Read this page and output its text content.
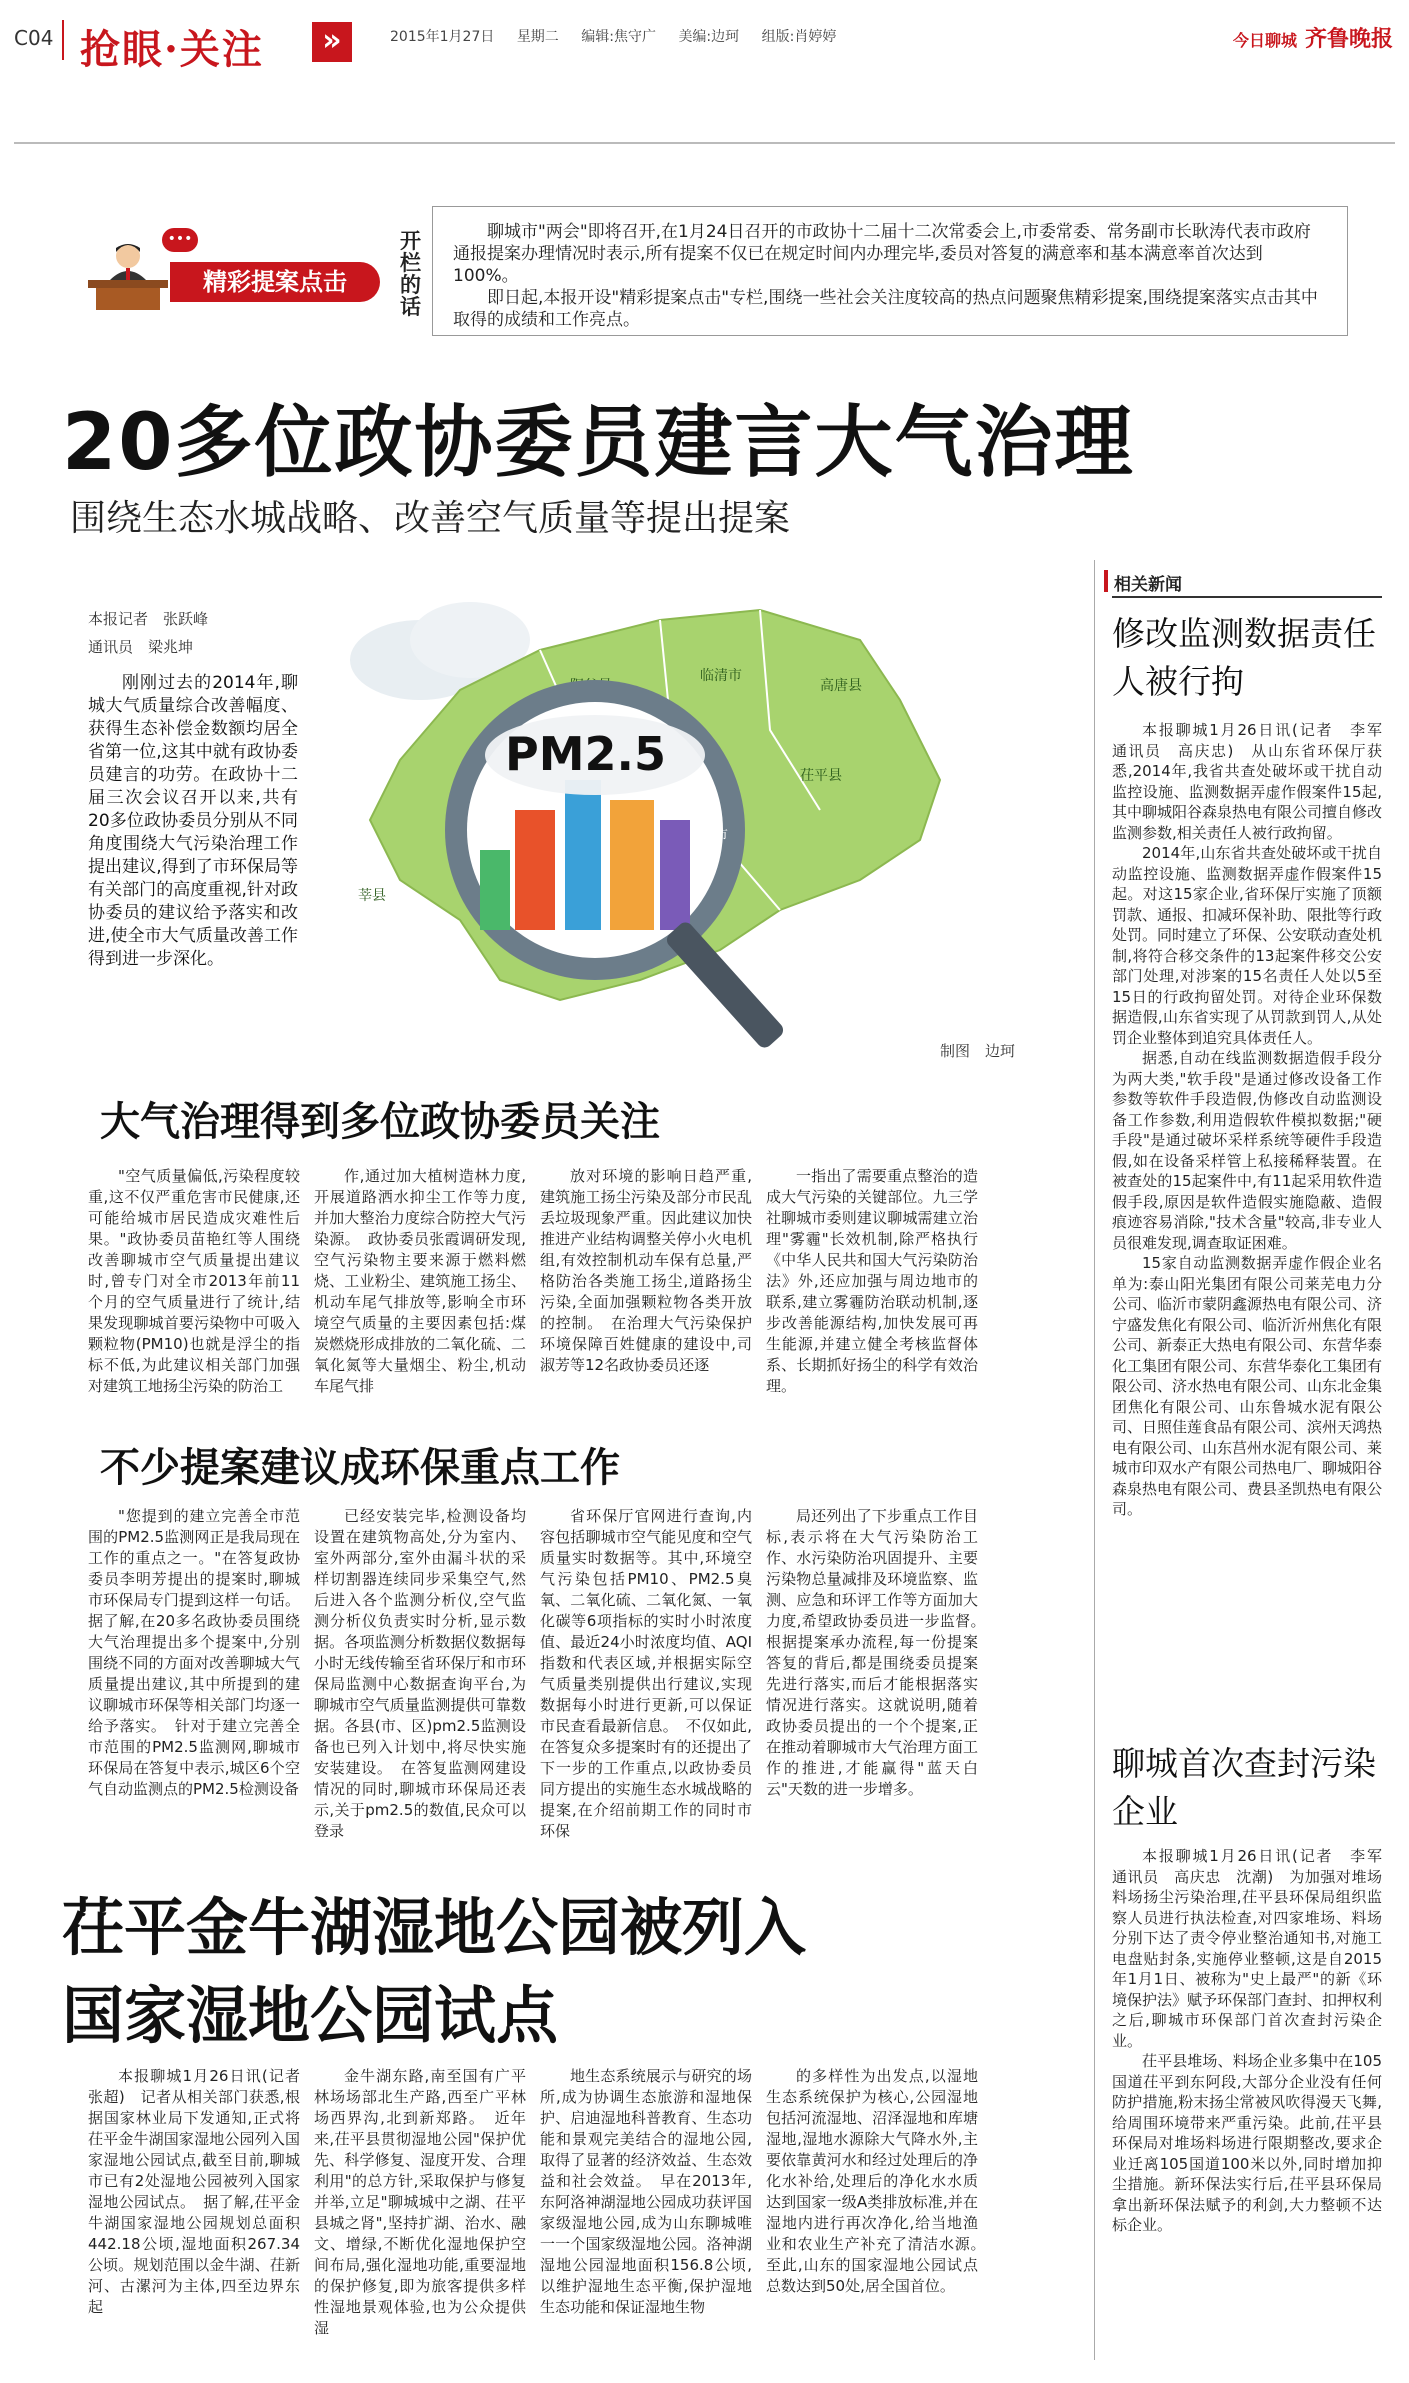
C04 抢眼·关注	»	2015年1月27日 星期二 编辑:焦守广 美编:边珂 组版:肖婷婷	今日聊城 齐鲁晚报
•••
精彩提案点击
开栏的话

聊城市"两会"即将召开,在1月24日召开的市政协十二届十二次常委会上,市委常委、常务副市长耿涛代表市政府通报提案办理情况时表示,所有提案不仅已在规定时间内办理完毕,委员对答复的满意率和基本满意率首次达到100%。

即日起,本报开设"精彩提案点击"专栏,围绕一些社会关注度较高的热点问题聚焦精彩提案,围绕提案落实点击其中取得的成绩和工作亮点。

20多位政协委员建言大气治理
围绕生态水城战略、改善空气质量等提出提案
本报记者　张跃峰
通讯员　梁兆坤

刚刚过去的2014年,聊城大气质量综合改善幅度、获得生态补偿金数额均居全省第一位,这其中就有政协委员建言的功劳。在政协十二届三次会议召开以来,共有20多位政协委员分别从不同角度围绕大气污染治理工作提出建议,得到了市环保局等有关部门的高度重视,针对政协委员的建议给予落实和改进,使全市大气质量改善工作得到进一步深化。

莘县
临清市
茌平县
高唐县
PM2.5
城市
制图　边珂
大气治理得到多位政协委员关注

"空气质量偏低,污染程度较重,这不仅严重危害市民健康,还可能给城市居民造成灾难性后果。"政协委员苗艳红等人围绕改善聊城市空气质量提出建议时,曾专门对全市2013年前11个月的空气质量进行了统计,结果发现聊城首要污染物中可吸入颗粒物(PM10)也就是浮尘的指标不低,为此建议相关部门加强对建筑工地扬尘污染的防治工

作,通过加大植树造林力度,开展道路洒水抑尘工作等力度,并加大整治力度综合防控大气污染源。　政协委员张霞调研发现,空气污染物主要来源于燃料燃烧、工业粉尘、建筑施工扬尘、机动车尾气排放等,影响全市环境空气质量的主要因素包括:煤炭燃烧形成排放的二氧化硫、二氧化氮等大量烟尘、粉尘,机动车尾气排

放对环境的影响日趋严重,建筑施工扬尘污染及部分市民乱丢垃圾现象严重。因此建议加快推进产业结构调整关停小火电机组,有效控制机动车保有总量,严格防治各类施工扬尘,道路扬尘污染,全面加强颗粒物各类开放的控制。　在治理大气污染保护环境保障百姓健康的建设中,司淑芳等12名政协委员还逐

一指出了需要重点整治的造成大气污染的关键部位。九三学社聊城市委则建议聊城需建立治理"雾霾"长效机制,除严格执行《中华人民共和国大气污染防治法》外,还应加强与周边地市的联系,建立雾霾防治联动机制,逐步改善能源结构,加快发展可再生能源,并建立健全考核监督体系、长期抓好扬尘的科学有效治理。

不少提案建议成环保重点工作

"您提到的建立完善全市范围的PM2.5监测网正是我局现在工作的重点之一。"在答复政协委员李明芳提出的提案时,聊城市环保局专门提到这样一句话。据了解,在20多名政协委员围绕大气治理提出多个提案中,分别围绕不同的方面对改善聊城大气质量提出建议,其中所提到的建议聊城市环保等相关部门均逐一给予落实。　针对于建立完善全市范围的PM2.5监测网,聊城市环保局在答复中表示,城区6个空气自动监测点的PM2.5检测设备

已经安装完毕,检测设备均设置在建筑物高处,分为室内、室外两部分,室外由漏斗状的采样切割器连续同步采集空气,然后进入各个监测分析仪,空气监测分析仪负责实时分析,显示数据。各项监测分析数据仪数据每小时无线传输至省环保厅和市环保局监测中心数据查询平台,为聊城市空气质量监测提供可靠数据。各县(市、区)pm2.5监测设备也已列入计划中,将尽快实施安装建设。　在答复监测网建设情况的同时,聊城市环保局还表示,关于pm2.5的数值,民众可以登录

省环保厅官网进行查询,内容包括聊城市空气能见度和空气质量实时数据等。其中,环境空气污染包括PM10、PM2.5臭氧、二氧化硫、二氧化氮、一氧化碳等6项指标的实时小时浓度值、最近24小时浓度均值、AQI指数和代表区域,并根据实际空气质量类别提供出行建议,实现数据每小时进行更新,可以保证市民查看最新信息。　不仅如此,在答复众多提案时有的还提出了下一步的工作重点,以政协委员同方提出的实施生态水城战略的提案,在介绍前期工作的同时市环保

局还列出了下步重点工作目标,表示将在大气污染防治工作、水污染防治巩固提升、主要污染物总量减排及环境监察、监测、应急和环评工作等方面加大力度,希望政协委员进一步监督。　根据提案承办流程,每一份提案答复的背后,都是围绕委员提案先进行落实,而后才能根据落实情况进行落实。这就说明,随着政协委员提出的一个个提案,正在推动着聊城市大气治理方面工作的推进,才能赢得"蓝天白云"天数的进一步增多。

茌平金牛湖湿地公园被列入
国家湿地公园试点

本报聊城1月26日讯(记者　张超)　记者从相关部门获悉,根据国家林业局下发通知,正式将茌平金牛湖国家湿地公园列入国家湿地公园试点,截至目前,聊城市已有2处湿地公园被列入国家湿地公园试点。　据了解,茌平金牛湖国家湿地公园规划总面积442.18公顷,湿地面积267.34公顷。规划范围以金牛湖、茌新河、古漯河为主体,四至边界东起

金牛湖东路,南至国有广平林场场部北生产路,西至广平林场西界沟,北到新郑路。　近年来,茌平县贯彻湿地公园"保护优先、科学修复、湿度开发、合理利用"的总方针,采取保护与修复并举,立足"聊城城中之湖、茌平县城之肾",坚持扩湖、治水、融文、增绿,不断优化湿地保护空间布局,强化湿地功能,重要湿地的保护修复,即为旅客提供多样性湿地景观体验,也为公众提供湿

地生态系统展示与研究的场所,成为协调生态旅游和湿地保护、启迪湿地科普教育、生态功能和景观完美结合的湿地公园,取得了显著的经济效益、生态效益和社会效益。　早在2013年,东阿洛神湖湿地公园成功获评国家级湿地公园,成为山东聊城唯一一个国家级湿地公园。洛神湖湿地公园湿地面积156.8公顷,以维护湿地生态平衡,保护湿地生态功能和保证湿地生物

的多样性为出发点,以湿地生态系统保护为核心,公园湿地包括河流湿地、沼泽湿地和库塘湿地,湿地水源除大气降水外,主要依靠黄河水和经过处理后的净化水补给,处理后的净化水水质达到国家一级A类排放标准,并在湿地内进行再次净化,给当地渔业和农业生产补充了清洁水源。　至此,山东的国家湿地公园试点总数达到50处,居全国首位。

相关新闻
修改监测数据责任人被行拘

本报聊城1月26日讯(记者　李军　通讯员　高庆忠)　从山东省环保厅获悉,2014年,我省共查处破坏或干扰自动监控设施、监测数据弄虚作假案件15起,其中聊城阳谷森泉热电有限公司擅自修改监测参数,相关责任人被行政拘留。

2014年,山东省共查处破坏或干扰自动监控设施、监测数据弄虚作假案件15起。对这15家企业,省环保厅实施了顶额罚款、通报、扣减环保补助、限批等行政处罚。同时建立了环保、公安联动查处机制,将符合移交条件的13起案件移交公安部门处理,对涉案的15名责任人处以5至15日的行政拘留处罚。对待企业环保数据造假,山东省实现了从罚款到罚人,从处罚企业整体到追究具体责任人。

据悉,自动在线监测数据造假手段分为两大类,"软手段"是通过修改设备工作参数等软件手段造假,伪修改自动监测设备工作参数,利用造假软件模拟数据;"硬手段"是通过破坏采样系统等硬件手段造假,如在设备采样管上私接稀释装置。在被查处的15起案件中,有11起采用软件造假手段,原因是软件造假实施隐蔽、造假痕迹容易消除,"技术含量"较高,非专业人员很难发现,调查取证困难。

15家自动监测数据弄虚作假企业名单为:泰山阳光集团有限公司莱芜电力分公司、临沂市蒙阴鑫源热电有限公司、济宁盛发焦化有限公司、临沂沂州焦化有限公司、新泰正大热电有限公司、东营华泰化工集团有限公司、东营华泰化工集团有限公司、济水热电有限公司、山东北金集团焦化有限公司、山东鲁城水泥有限公司、日照佳莲食品有限公司、滨州天鸿热电有限公司、山东莒州水泥有限公司、莱城市印双水产有限公司热电厂、聊城阳谷森泉热电有限公司、费县圣凯热电有限公司。

聊城首次查封污染企业

本报聊城1月26日讯(记者　李军　通讯员　高庆忠　沈潮)　为加强对堆场料场扬尘污染治理,茌平县环保局组织监察人员进行执法检查,对四家堆场、料场分别下达了责令停业整治通知书,对施工电盘贴封条,实施停业整顿,这是自2015年1月1日、被称为"史上最严"的新《环境保护法》赋予环保部门查封、扣押权利之后,聊城市环保部门首次查封污染企业。

茌平县堆场、料场企业多集中在105国道茌平到东阿段,大部分企业没有任何防护措施,粉末扬尘常被风吹得漫天飞舞,给周围环境带来严重污染。此前,茌平县环保局对堆场料场进行限期整改,要求企业迁离105国道100米以外,同时增加抑尘措施。新环保法实行后,茌平县环保局拿出新环保法赋予的利剑,大力整顿不达标企业。
